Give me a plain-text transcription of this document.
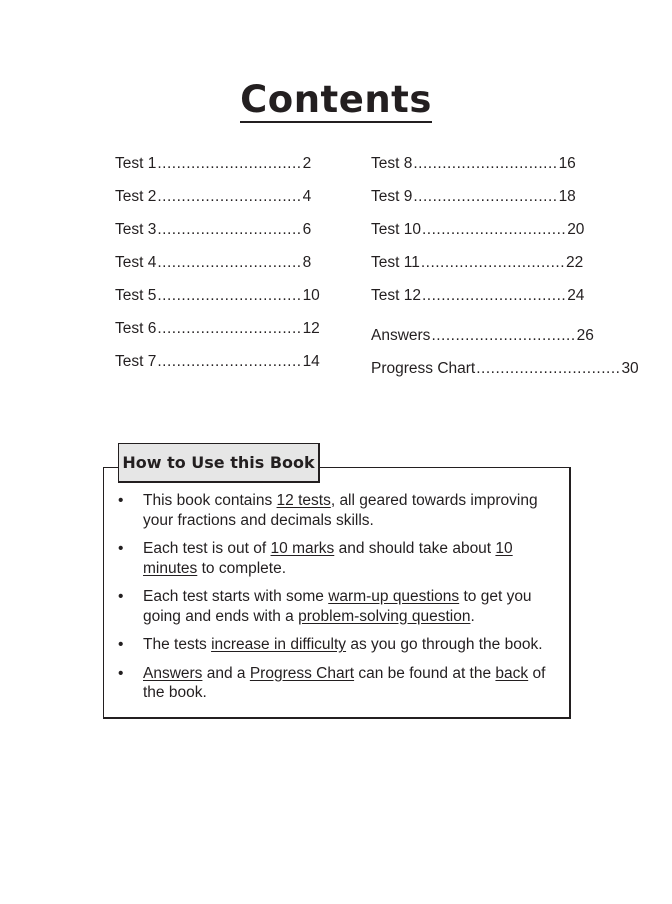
Contents
Test 1 .............................. 2
Test 2 .............................. 4
Test 3 .............................. 6
Test 4 .............................. 8
Test 5 .............................. 10
Test 6 .............................. 12
Test 7 .............................. 14
Test 8 .............................. 16
Test 9 .............................. 18
Test 10 .............................. 20
Test 11 .............................. 22
Test 12 .............................. 24
Answers .............................. 26
Progress Chart .............................. 30
How to Use this Book
• This book contains 12 tests, all geared towards improving your fractions and decimals skills.
• Each test is out of 10 marks and should take about 10 minutes to complete.
• Each test starts with some warm-up questions to get you going and ends with a problem-solving question.
• The tests increase in difficulty as you go through the book.
• Answers and a Progress Chart can be found at the back of the book.
